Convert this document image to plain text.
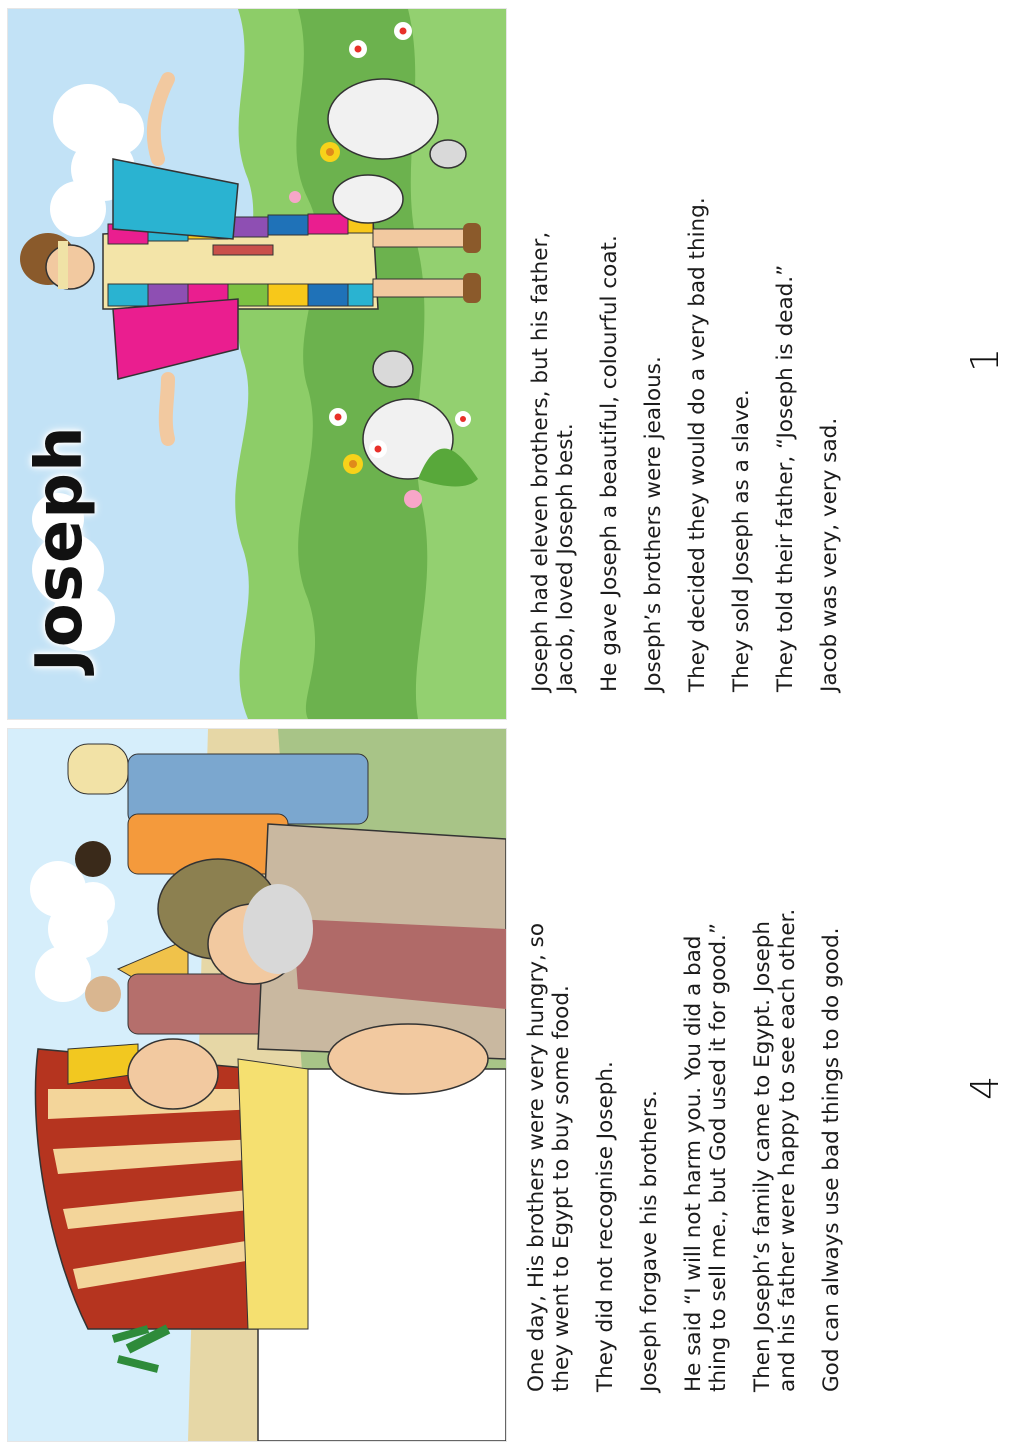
Joseph	Joseph had eleven brothers, but his father,
Jacob, loved Joseph best. He gave Joseph a beautiful, colourful coat. Joseph’s brothers were jealous. They decided they would do a very bad thing. They sold Joseph as a slave. They told their father, “Joseph is dead.” Jacob was very, very sad.

1

One day, His brothers were very hungry, so
they went to Egypt to buy some food. They did not recognise Joseph. Joseph forgave his brothers. He said “I will not harm you. You did a bad
thing to sell me., but God used it for good.” Then Joseph’s family came to Egypt. Joseph
and his father were happy to see each other. God can always use bad things to do good.	4
